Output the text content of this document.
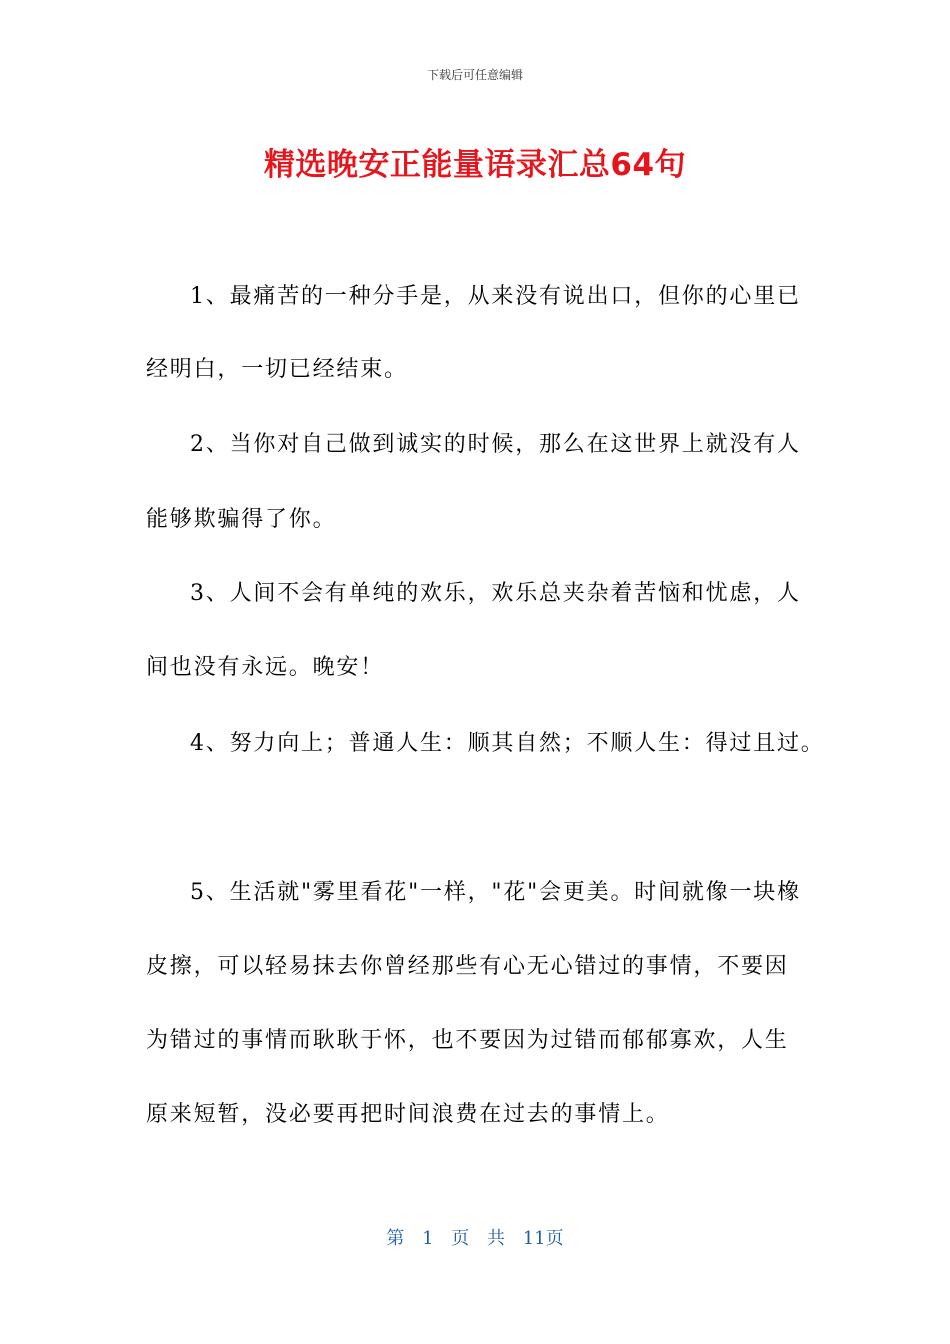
下载后可任意编辑
精选晚安正能量语录汇总64句
1、最痛苦的一种分手是，从来没有说出口，但你的心里已
经明白，一切已经结束。
2、当你对自己做到诚实的时候，那么在这世界上就没有人
能够欺骗得了你。
3、人间不会有单纯的欢乐，欢乐总夹杂着苦恼和忧虑，人
间也没有永远。晚安！
4、努力向上；普通人生：顺其自然；不顺人生：得过且过。
5、生活就"雾里看花"一样，"花"会更美。时间就像一块橡
皮擦，可以轻易抹去你曾经那些有心无心错过的事情，不要因
为错过的事情而耿耿于怀，也不要因为过错而郁郁寡欢，人生
原来短暂，没必要再把时间浪费在过去的事情上。
第 1 页 共 11页
